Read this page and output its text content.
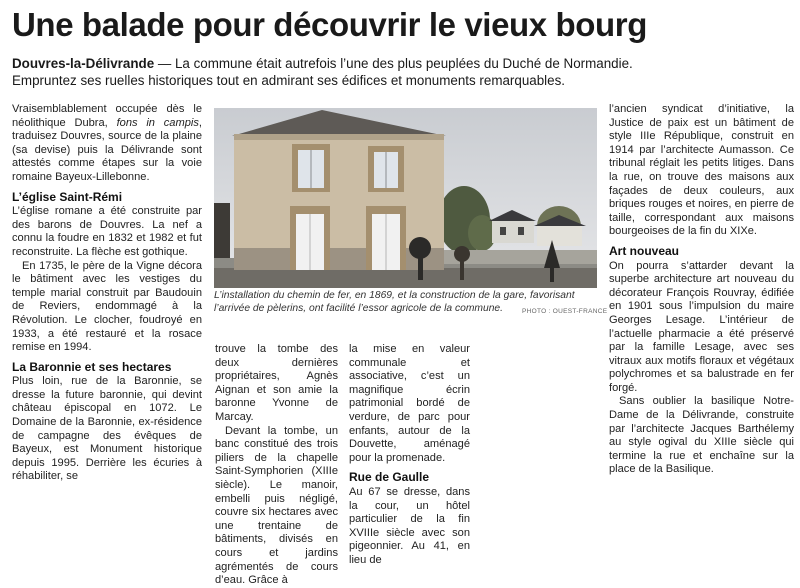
Une balade pour découvrir le vieux bourg
Douvres-la-Délivrande — La commune était autrefois l’une des plus peuplées du Duché de Normandie. Empruntez ses ruelles historiques tout en admirant ses édifices et monuments remarquables.

Vraisemblablement occupée dès le néolithique Dubra, fons in campis, traduisez Douvres, source de la plaine (sa devise) puis la Délivrande sont attestés comme étapes sur la voie romaine Bayeux-Lillebonne.

L’église Saint-Rémi

L’église romane a été construite par des barons de Douvres. La nef a connu la foudre en 1832 et 1982 et fut reconstruite. La flèche est gothique.

En 1735, le père de la Vigne décora le bâtiment avec les vestiges du temple marial construit par Baudouin de Reviers, endommagé à la Révolution. Le clocher, foudroyé en 1933, a été restauré et la rosace remise en 1994.

La Baronnie et ses hectares

Plus loin, rue de la Baronnie, se dresse la future baronnie, qui devint château épiscopal en 1072. Le Domaine de la Baronnie, ex-résidence de campagne des évêques de Bayeux, est Monument historique depuis 1995. Derrière les écuries à réhabiliter, se

L’installation du chemin de fer, en 1869, et la construction de la gare, favorisant l’arrivée de pèlerins, ont facilité l’essor agricole de la commune.	PHOTO : OUEST-FRANCE

trouve la tombe des deux dernières propriétaires, Agnès Aignan et son amie la baronne Yvonne de Marcay.

Devant la tombe, un banc constitué des trois piliers de la chapelle Saint-Symphorien (XIIIe siècle). Le manoir, embelli puis négligé, couvre six hectares avec une trentaine de bâtiments, divisés en cours et jardins agrémentés de cours d’eau. Grâce à

la mise en valeur communale et associative, c’est un magnifique écrin patrimonial bordé de verdure, de parc pour enfants, autour de la Douvette, aménagé pour la promenade.

Rue de Gaulle

Au 67 se dresse, dans la cour, un hôtel particulier de la fin XVIIIe siècle avec son pigeonnier. Au 41, en lieu de

l’ancien syndicat d’initiative, la Justice de paix est un bâtiment de style IIIe République, construit en 1914 par l’architecte Aumasson. Ce tribunal réglait les petits litiges. Dans la rue, on trouve des maisons aux façades de deux couleurs, aux briques rouges et noires, en pierre de taille, correspondant aux maisons bourgeoises de la fin du XIXe.

Art nouveau

On pourra s’attarder devant la superbe architecture art nouveau du décorateur François Rouvray, édifiée en 1901 sous l’impulsion du maire Georges Lesage. L’intérieur de l’actuelle pharmacie a été préservé par la famille Lesage, avec ses vitraux aux motifs floraux et végétaux polychromes et sa balustrade en fer forgé.

Sans oublier la basilique Notre-Dame de la Délivrande, construite par l’architecte Jacques Barthélemy au style ogival du XIIIe siècle qui termine la rue et enchaîne sur la place de la Basilique.
